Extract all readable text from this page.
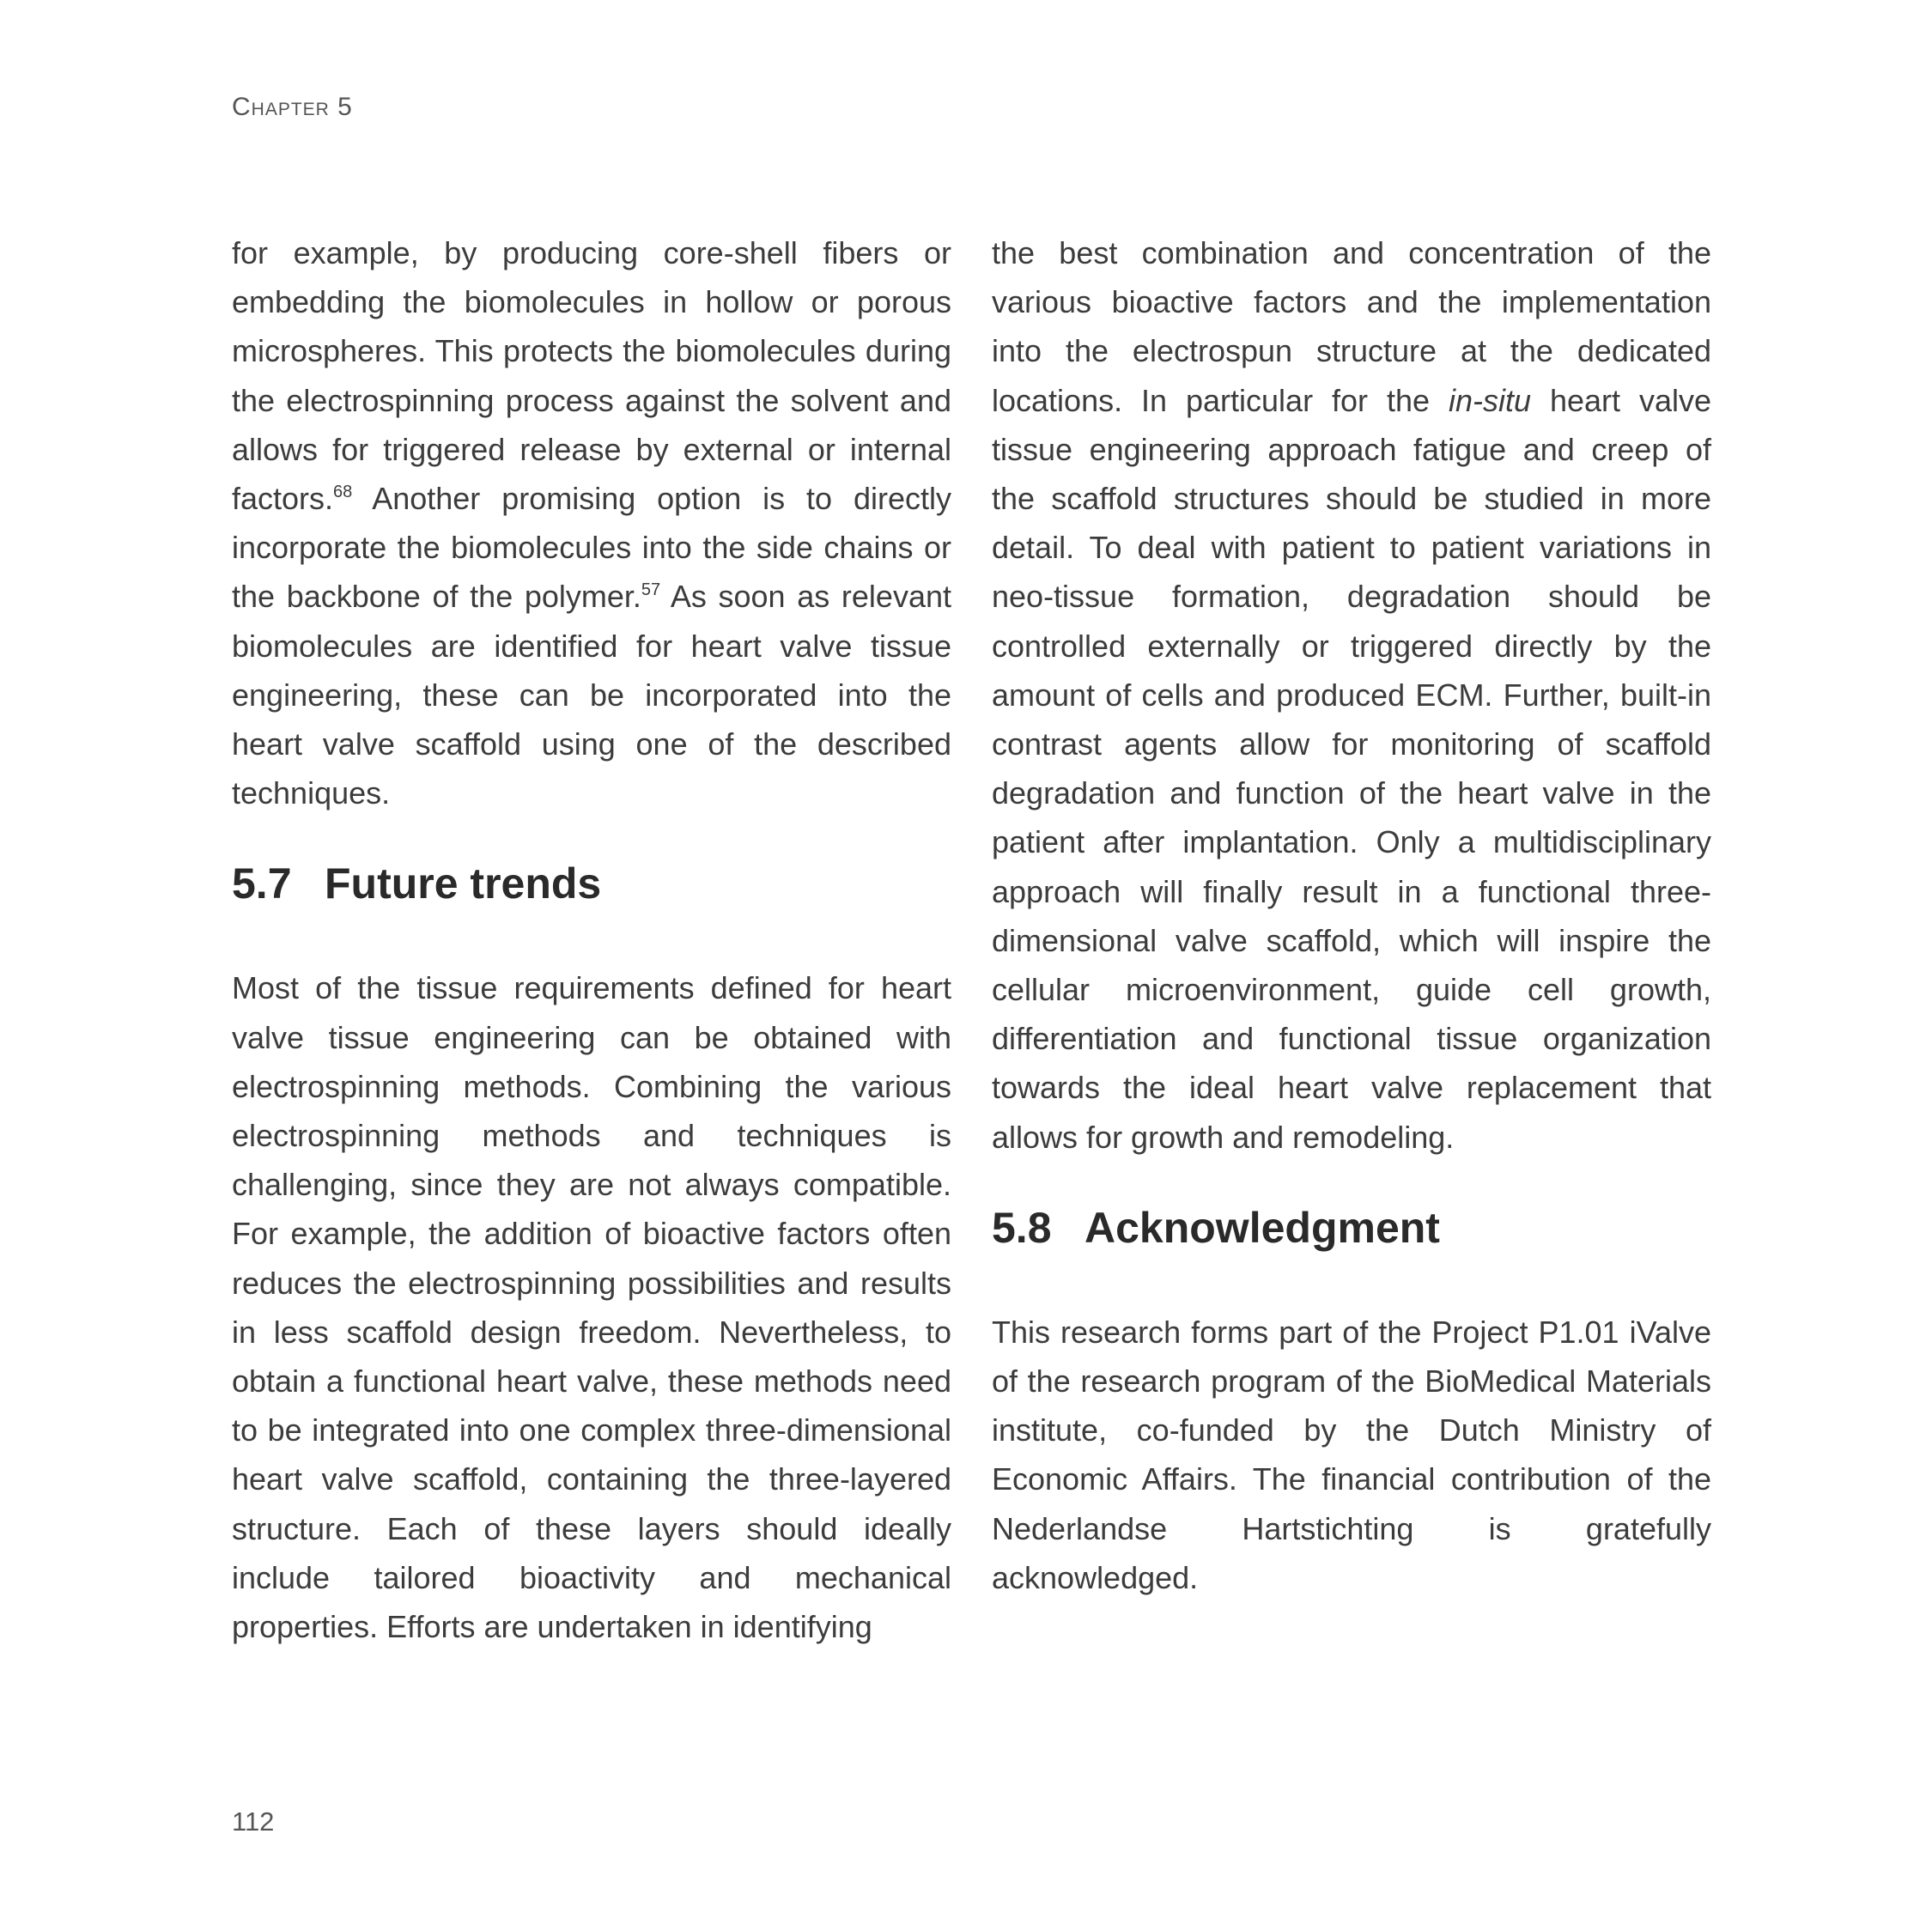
Chapter 5

for example, by producing core-shell fibers or embedding the biomolecules in hollow or porous microspheres. This protects the biomolecules during the electrospinning process against the solvent and allows for triggered release by external or internal factors.$^{68}$ Another promising option is to directly incorporate the biomolecules into the side chains or the backbone of the polymer.$^{57}$ As soon as relevant biomolecules are identified for heart valve tissue engineering, these can be incorporated into the heart valve scaffold using one of the described techniques.

5.7 Future trends

Most of the tissue requirements defined for heart valve tissue engineering can be obtained with electrospinning methods. Combining the various electrospinning methods and techniques is challenging, since they are not always compatible. For example, the addition of bioactive factors often reduces the electrospinning possibilities and results in less scaffold design freedom. Nevertheless, to obtain a functional heart valve, these methods need to be integrated into one complex three-dimensional heart valve scaffold, containing the three-layered structure. Each of these layers should ideally include tailored bioactivity and mechanical properties. Efforts are undertaken in identifying

the best combination and concentration of the various bioactive factors and the implementation into the electrospun structure at the dedicated locations. In particular for the in-situ heart valve tissue engineering approach fatigue and creep of the scaffold structures should be studied in more detail. To deal with patient to patient variations in neo-tissue formation, degradation should be controlled externally or triggered directly by the amount of cells and produced ECM. Further, built-in contrast agents allow for monitoring of scaffold degradation and function of the heart valve in the patient after implantation. Only a multidisciplinary approach will finally result in a functional three-dimensional valve scaffold, which will inspire the cellular microenvironment, guide cell growth, differentiation and functional tissue organization towards the ideal heart valve replacement that allows for growth and remodeling.

5.8 Acknowledgment

This research forms part of the Project P1.01 iValve of the research program of the BioMedical Materials institute, co-funded by the Dutch Ministry of Economic Affairs. The financial contribution of the Nederlandse Hartstichting is gratefully acknowledged.

112
